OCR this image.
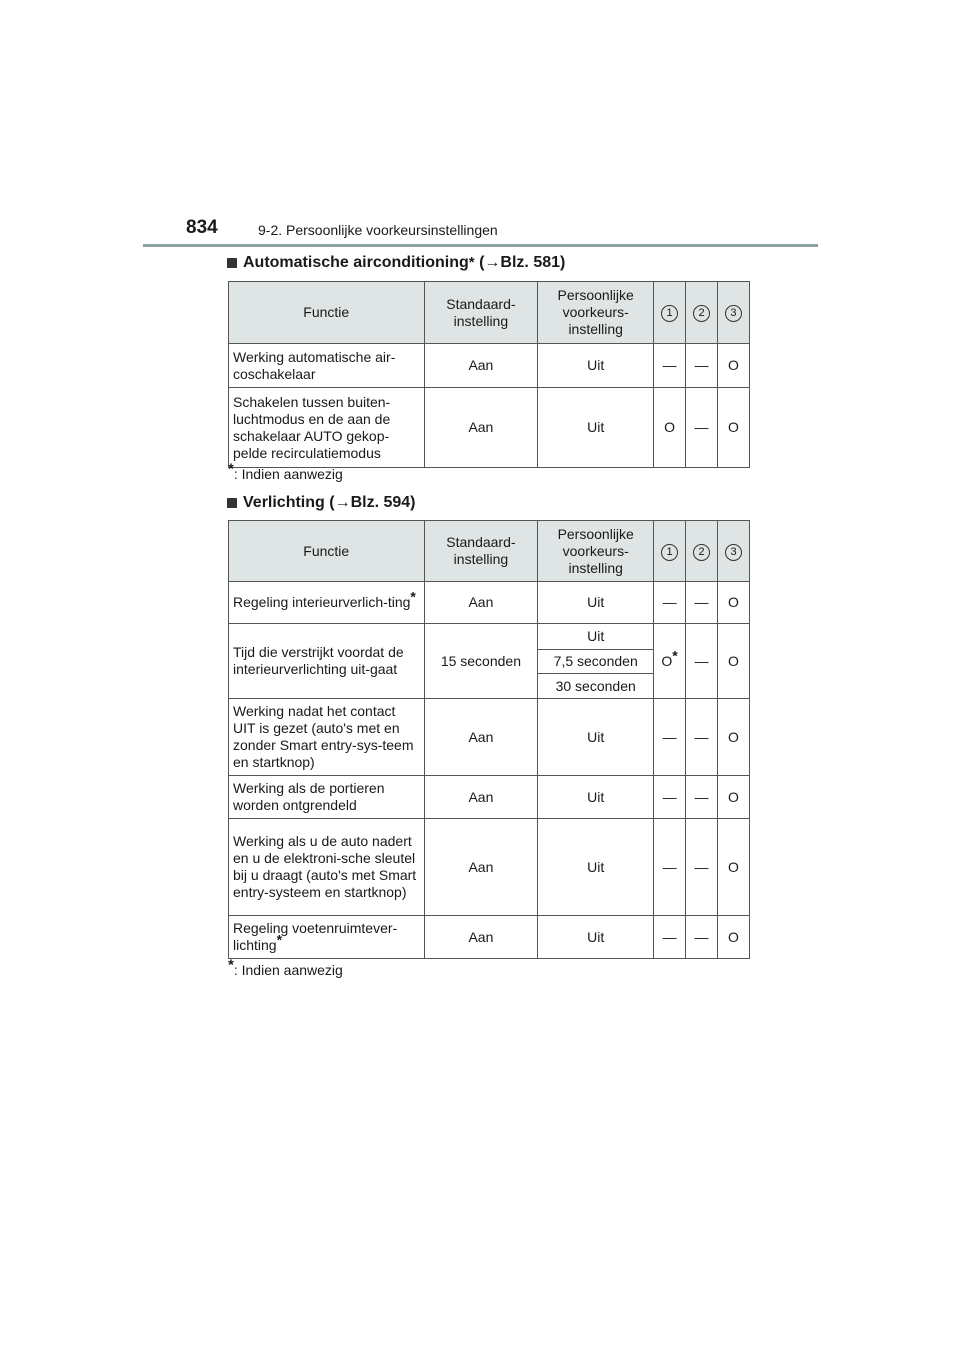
834	9-2. Persoonlijke voorkeursinstellingen
Automatische airconditioning *
(→Blz. 581)
Functie	Standaard-instelling	Persoonlijke voorkeurs-instelling	1	2	3
Werking automatische air-coschakelaar	Aan	Uit	—	—	O
Schakelen tussen buiten-luchtmodus en de aan de schakelaar AUTO gekop-pelde recirculatiemodus	Aan	Uit	O	—	O
*: Indien aanwezig
Verlichting
(→Blz. 594)
Functie	Standaard-instelling	Persoonlijke voorkeurs-instelling	1	2	3
Regeling interieurverlich-ting*	Aan	Uit	—	—	O
Tijd die verstrijkt voordat de interieurverlichting uit-gaat	15 seconden	Uit	O*	—	O
		7,5 seconden			
		30 seconden			
Werking nadat het contact UIT is gezet (auto's met en zonder Smart entry-sys-teem en startknop)	Aan	Uit	—	—	O
Werking als de portieren worden ontgrendeld	Aan	Uit	—	—	O
Werking als u de auto nadert en u de elektroni-sche sleutel bij u draagt (auto's met Smart entry-systeem en startknop)	Aan	Uit	—	—	O
Regeling voetenruimtever-lichting*	Aan	Uit	—	—	O
*: Indien aanwezig
